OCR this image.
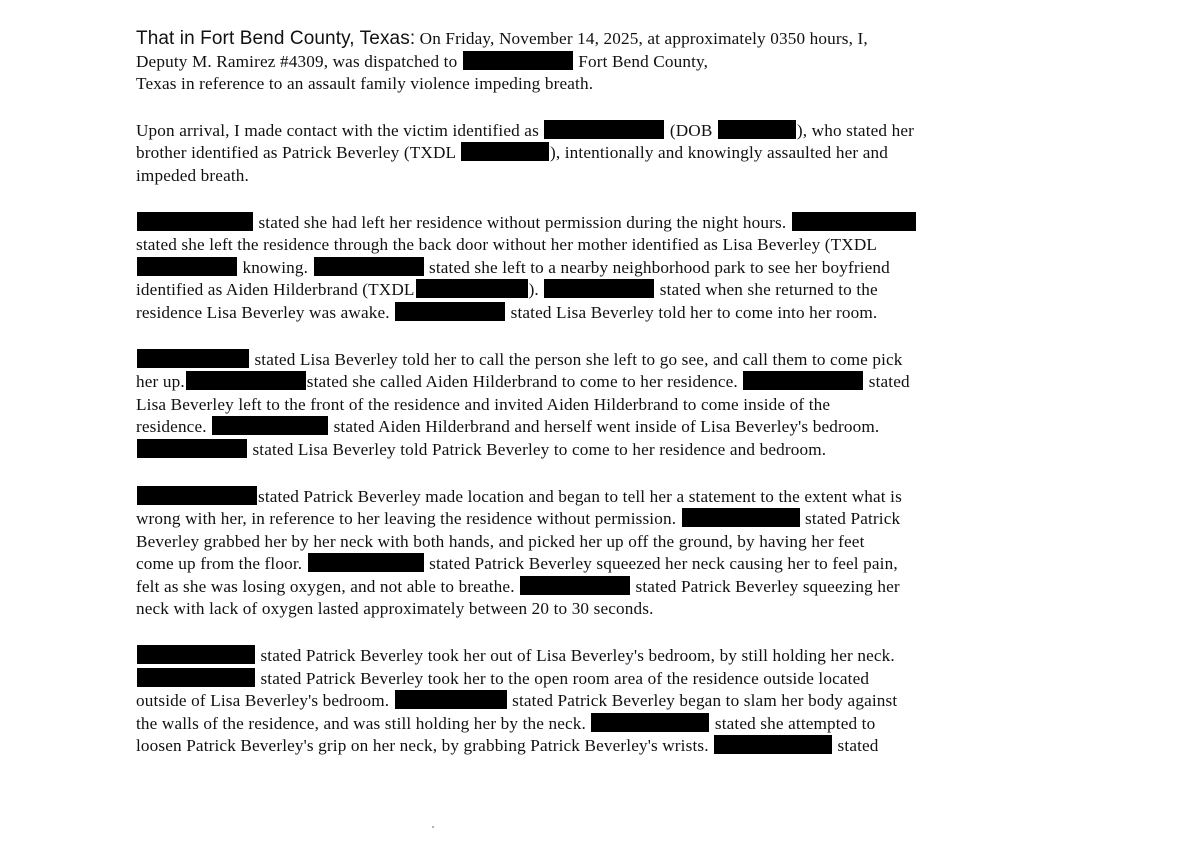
That in Fort Bend County, Texas: On Friday, November 14, 2025, at approximately 0350 hours, I,
Deputy M. Ramirez #4309, was dispatched to	Fort Bend County,
Texas in reference to an assault family violence impeding breath.
Upon arrival, I made contact with the victim identified as	(DOB	), who stated her
brother identified as Patrick Beverley (TXDL	), intentionally and knowingly assaulted her and
impeded breath.
stated she had left her residence without permission during the night hours.
stated she left the residence through the back door without her mother identified as Lisa Beverley (TXDL
knowing.	stated she left to a nearby neighborhood park to see her boyfriend
identified as Aiden Hilderbrand (TXDL	).	stated when she returned to the
residence Lisa Beverley was awake.	stated Lisa Beverley told her to come into her room.
stated Lisa Beverley told her to call the person she left to go see, and call them to come pick
her up.	stated she called Aiden Hilderbrand to come to her residence.	stated
Lisa Beverley left to the front of the residence and invited Aiden Hilderbrand to come inside of the
residence.	stated Aiden Hilderbrand and herself went inside of Lisa Beverley's bedroom.
stated Lisa Beverley told Patrick Beverley to come to her residence and bedroom.
stated Patrick Beverley made location and began to tell her a statement to the extent what is
wrong with her, in reference to her leaving the residence without permission.	stated Patrick
Beverley grabbed her by her neck with both hands, and picked her up off the ground, by having her feet
come up from the floor.	stated Patrick Beverley squeezed her neck causing her to feel pain,
felt as she was losing oxygen, and not able to breathe.	stated Patrick Beverley squeezing her
neck with lack of oxygen lasted approximately between 20 to 30 seconds.
stated Patrick Beverley took her out of Lisa Beverley's bedroom, by still holding her neck.
stated Patrick Beverley took her to the open room area of the residence outside located
outside of Lisa Beverley's bedroom.	stated Patrick Beverley began to slam her body against
the walls of the residence, and was still holding her by the neck.	stated she attempted to
loosen Patrick Beverley's grip on her neck, by grabbing Patrick Beverley's wrists.	stated
